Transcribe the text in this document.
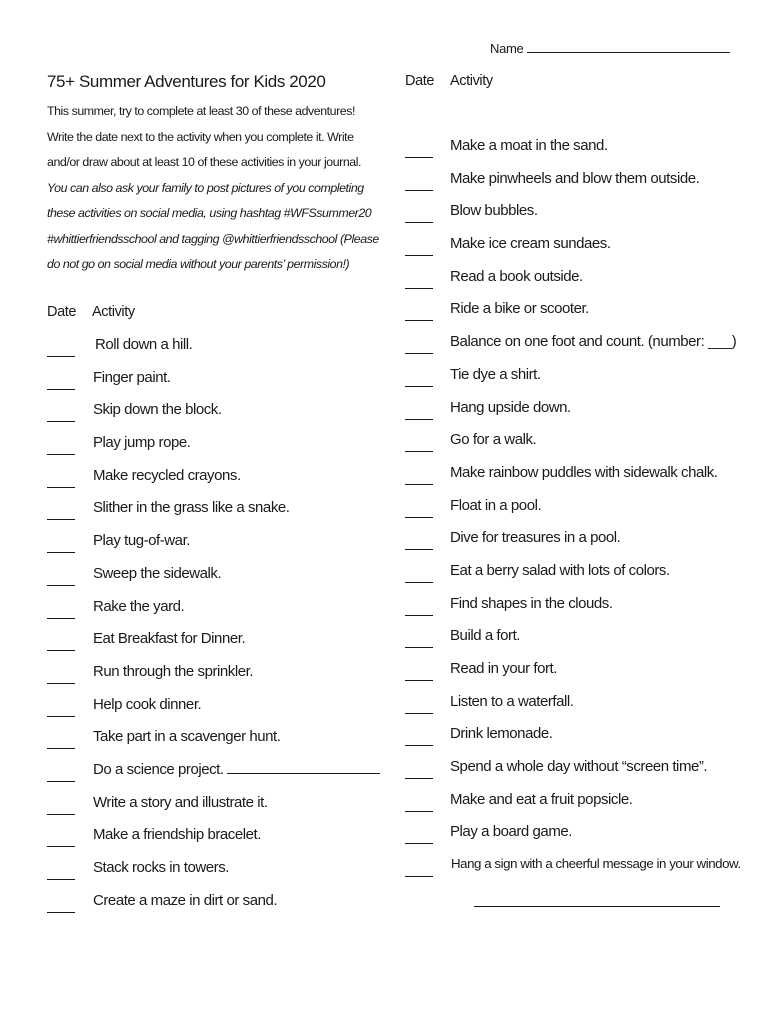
Name
75+ Summer Adventures for Kids 2020
This summer, try to complete at least 30 of these adventures! Write the date next to the activity when you complete it. Write and/or draw about at least 10 of these activities in your journal. You can also ask your family to post pictures of you completing these activities on social media, using hashtag #WFSsummer20 #whittierfriendsschool and tagging @whittierfriendsschool (Please do not go on social media without your parents’ permission!)
Date Activity
Roll down a hill.
Finger paint.
Skip down the block.
Play jump rope.
Make recycled crayons.
Slither in the grass like a snake.
Play tug-of-war.
Sweep the sidewalk.
Rake the yard.
Eat Breakfast for Dinner.
Run through the sprinkler.
Help cook dinner.
Take part in a scavenger hunt.
Do a science project.
Write a story and illustrate it.
Make a friendship bracelet.
Stack rocks in towers.
Create a maze in dirt or sand.
Date Activity
Make a moat in the sand.
Make pinwheels and blow them outside.
Blow bubbles.
Make ice cream sundaes.
Read a book outside.
Ride a bike or scooter.
Balance on one foot and count. (number: ___)
Tie dye a shirt.
Hang upside down.
Go for a walk.
Make rainbow puddles with sidewalk chalk.
Float in a pool.
Dive for treasures in a pool.
Eat a berry salad with lots of colors.
Find shapes in the clouds.
Build a fort.
Read in your fort.
Listen to a waterfall.
Drink lemonade.
Spend a whole day without “screen time”.
Make and eat a fruit popsicle.
Play a board game.
Hang a sign with a cheerful message in your window.
